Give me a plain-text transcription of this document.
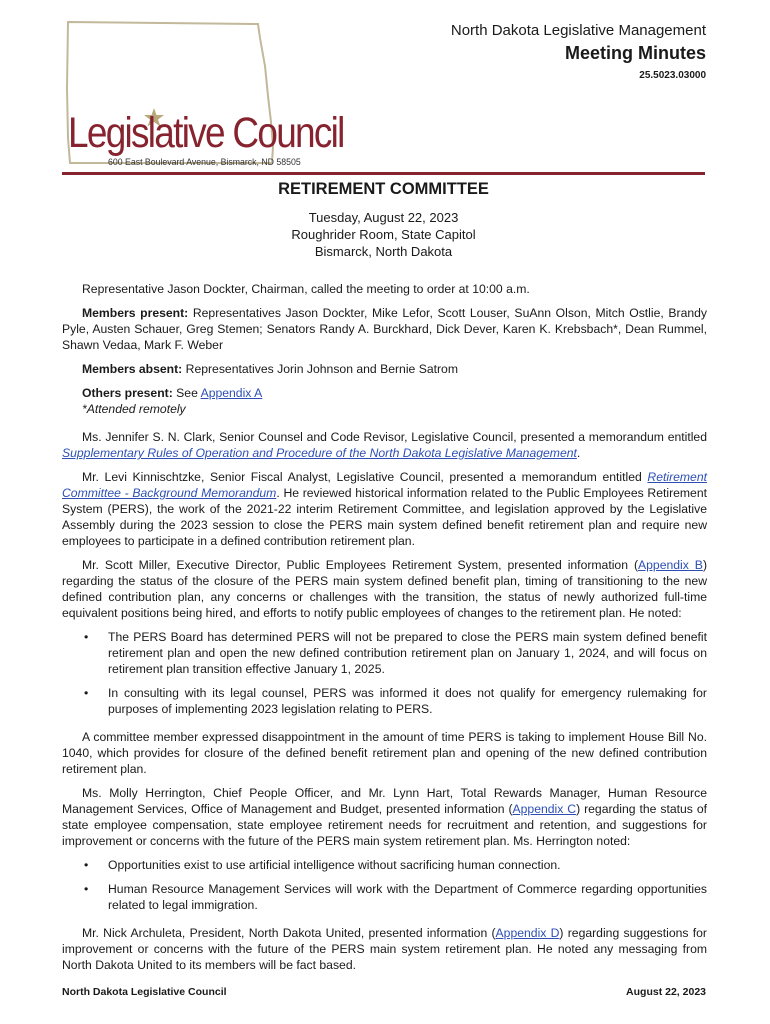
North Dakota Legislative Management
Meeting Minutes
25.5023.03000
Legislative Council
600 East Boulevard Avenue, Bismarck, ND 58505
RETIREMENT COMMITTEE
Tuesday, August 22, 2023
Roughrider Room, State Capitol
Bismarck, North Dakota

Representative Jason Dockter, Chairman, called the meeting to order at 10:00 a.m.

Members present: Representatives Jason Dockter, Mike Lefor, Scott Louser, SuAnn Olson, Mitch Ostlie, Brandy Pyle, Austen Schauer, Greg Stemen; Senators Randy A. Burckhard, Dick Dever, Karen K. Krebsbach*, Dean Rummel, Shawn Vedaa, Mark F. Weber

Members absent: Representatives Jorin Johnson and Bernie Satrom

Others present: See Appendix A

*Attended remotely

Ms. Jennifer S. N. Clark, Senior Counsel and Code Revisor, Legislative Council, presented a memorandum entitled Supplementary Rules of Operation and Procedure of the North Dakota Legislative Management.

Mr. Levi Kinnischtzke, Senior Fiscal Analyst, Legislative Council, presented a memorandum entitled Retirement Committee - Background Memorandum. He reviewed historical information related to the Public Employees Retirement System (PERS), the work of the 2021-22 interim Retirement Committee, and legislation approved by the Legislative Assembly during the 2023 session to close the PERS main system defined benefit retirement plan and require new employees to participate in a defined contribution retirement plan.

Mr. Scott Miller, Executive Director, Public Employees Retirement System, presented information (Appendix B) regarding the status of the closure of the PERS main system defined benefit plan, timing of transitioning to the new defined contribution plan, any concerns or challenges with the transition, the status of newly authorized full-time equivalent positions being hired, and efforts to notify public employees of changes to the retirement plan. He noted:

•	The PERS Board has determined PERS will not be prepared to close the PERS main system defined benefit retirement plan and open the new defined contribution retirement plan on January 1, 2024, and will focus on retirement plan transition effective January 1, 2025.
•	In consulting with its legal counsel, PERS was informed it does not qualify for emergency rulemaking for purposes of implementing 2023 legislation relating to PERS.

A committee member expressed disappointment in the amount of time PERS is taking to implement House Bill No. 1040, which provides for closure of the defined benefit retirement plan and opening of the new defined contribution retirement plan.

Ms. Molly Herrington, Chief People Officer, and Mr. Lynn Hart, Total Rewards Manager, Human Resource Management Services, Office of Management and Budget, presented information (Appendix C) regarding the status of state employee compensation, state employee retirement needs for recruitment and retention, and suggestions for improvement or concerns with the future of the PERS main system retirement plan. Ms. Herrington noted:

•	Opportunities exist to use artificial intelligence without sacrificing human connection.
•	Human Resource Management Services will work with the Department of Commerce regarding opportunities related to legal immigration.

Mr. Nick Archuleta, President, North Dakota United, presented information (Appendix D) regarding suggestions for improvement or concerns with the future of the PERS main system retirement plan. He noted any messaging from North Dakota United to its members will be fact based.

North Dakota Legislative Council	August 22, 2023
